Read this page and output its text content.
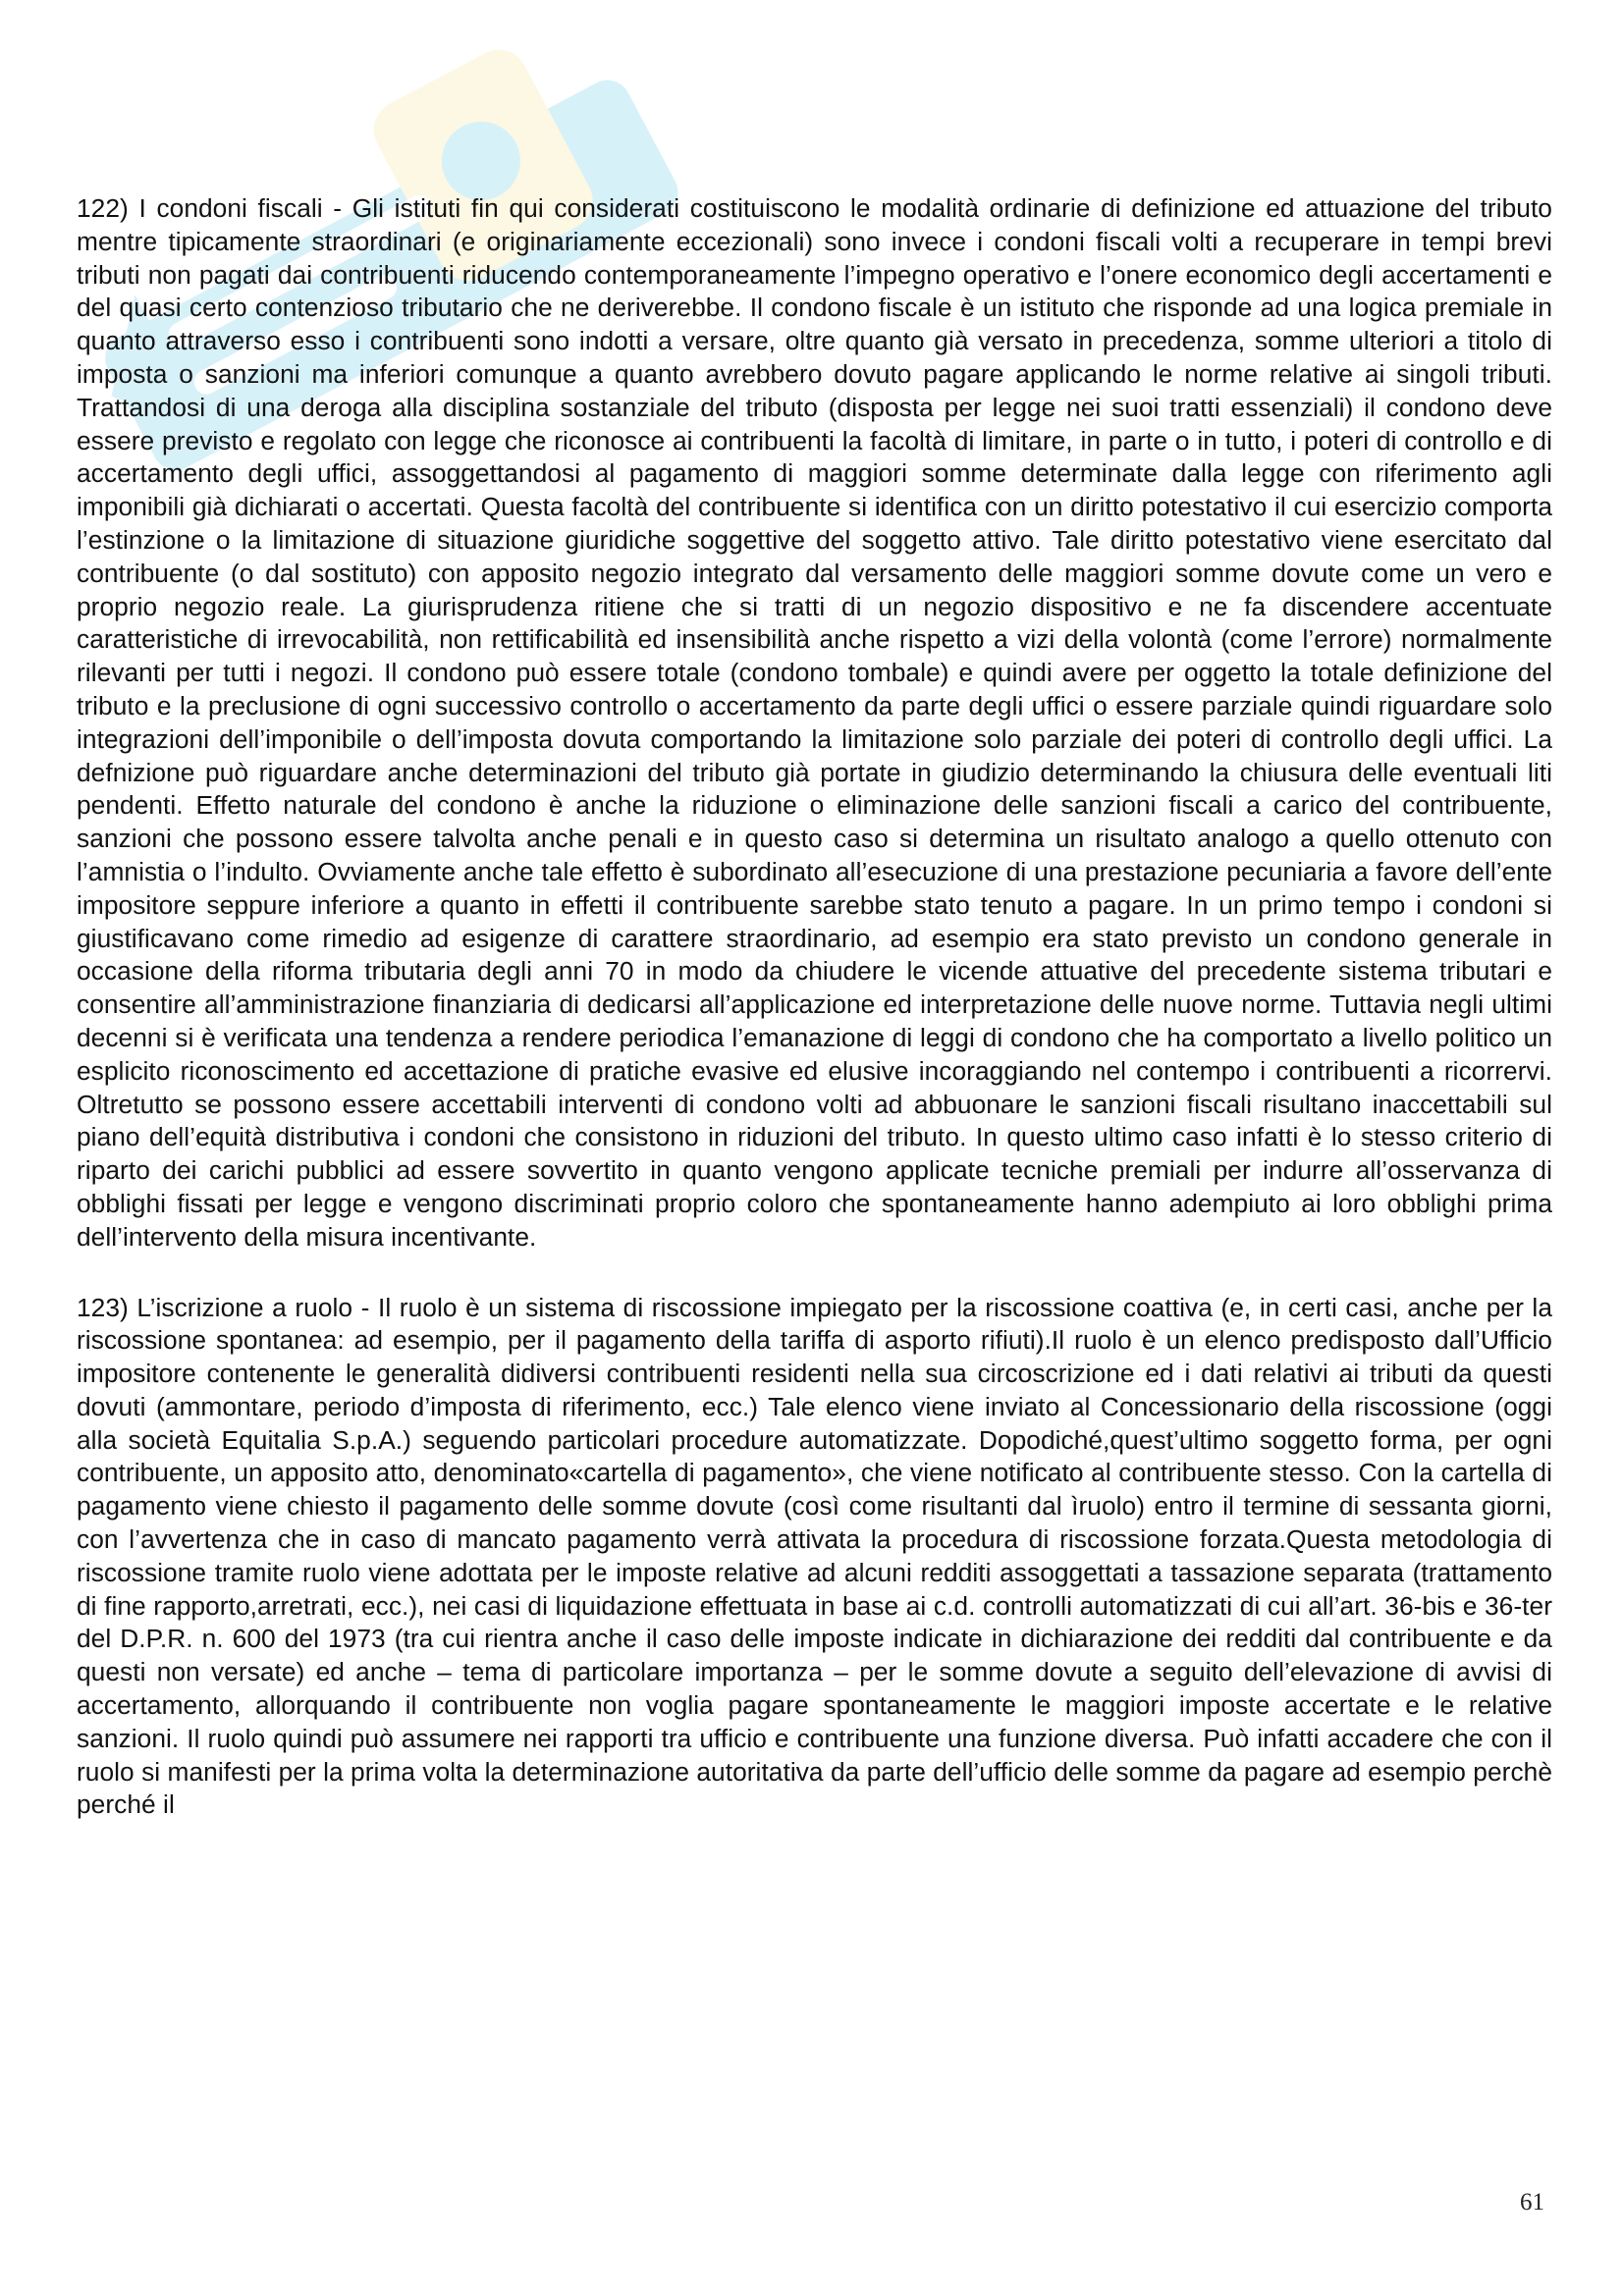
122) I condoni fiscali - Gli istituti fin qui considerati costituiscono le modalità ordinarie di definizione ed attuazione del tributo mentre tipicamente straordinari (e originariamente eccezionali) sono invece i condoni fiscali volti a recuperare in tempi brevi tributi non pagati dai contribuenti riducendo contemporaneamente l’impegno operativo e l’onere economico degli accertamenti e del quasi certo contenzioso tributario che ne deriverebbe. Il condono fiscale è un istituto che risponde ad una logica premiale in quanto attraverso esso i contribuenti sono indotti a versare, oltre quanto già versato in precedenza, somme ulteriori a titolo di imposta o sanzioni ma inferiori comunque a quanto avrebbero dovuto pagare applicando le norme relative ai singoli tributi. Trattandosi di una deroga alla disciplina sostanziale del tributo (disposta per legge nei suoi tratti essenziali) il condono deve essere previsto e regolato con legge che riconosce ai contribuenti la facoltà di limitare, in parte o in tutto, i poteri di controllo e di accertamento degli uffici, assoggettandosi al pagamento di maggiori somme determinate dalla legge con riferimento agli imponibili già dichiarati o accertati. Questa facoltà del contribuente si identifica con un diritto potestativo il cui esercizio comporta l’estinzione o la limitazione di situazione giuridiche soggettive del soggetto attivo. Tale diritto potestativo viene esercitato dal contribuente (o dal sostituto) con apposito negozio integrato dal versamento delle maggiori somme dovute come un vero e proprio negozio reale. La giurisprudenza ritiene che si tratti di un negozio dispositivo e ne fa discendere accentuate caratteristiche di irrevocabilità, non rettificabilità ed insensibilità anche rispetto a vizi della volontà (come l’errore) normalmente rilevanti per tutti i negozi. Il condono può essere totale (condono tombale) e quindi avere per oggetto la totale definizione del tributo e la preclusione di ogni successivo controllo o accertamento da parte degli uffici o essere parziale quindi riguardare solo integrazioni dell’imponibile o dell’imposta dovuta comportando la limitazione solo parziale dei poteri di controllo degli uffici. La defnizione può riguardare anche determinazioni del tributo già portate in giudizio determinando la chiusura delle eventuali liti pendenti. Effetto naturale del condono è anche la riduzione o eliminazione delle sanzioni fiscali a carico del contribuente, sanzioni che possono essere talvolta anche penali e in questo caso si determina un risultato analogo a quello ottenuto con l’amnistia o l’indulto. Ovviamente anche tale effetto è subordinato all’esecuzione di una prestazione pecuniaria a favore dell’ente impositore seppure inferiore a quanto in effetti il contribuente sarebbe stato tenuto a pagare. In un primo tempo i condoni si giustificavano come rimedio ad esigenze di carattere straordinario, ad esempio era stato previsto un condono generale in occasione della riforma tributaria degli anni 70 in modo da chiudere le vicende attuative del precedente sistema tributari e consentire all’amministrazione finanziaria di dedicarsi all’applicazione ed interpretazione delle nuove norme. Tuttavia negli ultimi decenni si è verificata una tendenza a rendere periodica l’emanazione di leggi di condono che ha comportato a livello politico un esplicito riconoscimento ed accettazione di pratiche evasive ed elusive incoraggiando nel contempo i contribuenti a ricorrervi. Oltretutto se possono essere accettabili interventi di condono volti ad abbuonare le sanzioni fiscali risultano inaccettabili sul piano dell’equità distributiva i condoni che consistono in riduzioni del tributo. In questo ultimo caso infatti è lo stesso criterio di riparto dei carichi pubblici ad essere sovvertito in quanto vengono applicate tecniche premiali per indurre all’osservanza di obblighi fissati per legge e vengono discriminati proprio coloro che spontaneamente hanno adempiuto ai loro obblighi prima dell’intervento della misura incentivante.

123) L’iscrizione a ruolo - Il ruolo è un sistema di riscossione impiegato per la riscossione coattiva (e, in certi casi, anche per la riscossione spontanea: ad esempio, per il pagamento della tariffa di asporto rifiuti).Il ruolo è un elenco predisposto dall’Ufficio impositore contenente le generalità didiversi contribuenti residenti nella sua circoscrizione ed i dati relativi ai tributi da questi dovuti (ammontare, periodo d’imposta di riferimento, ecc.) Tale elenco viene inviato al Concessionario della riscossione (oggi alla società Equitalia S.p.A.) seguendo particolari procedure automatizzate. Dopodiché,quest’ultimo soggetto forma, per ogni contribuente, un apposito atto, denominato«cartella di pagamento», che viene notificato al contribuente stesso. Con la cartella di pagamento viene chiesto il pagamento delle somme dovute (così come risultanti dal ìruolo) entro il termine di sessanta giorni, con l’avvertenza che in caso di mancato pagamento verrà attivata la procedura di riscossione forzata.Questa metodologia di riscossione tramite ruolo viene adottata per le imposte relative ad alcuni redditi assoggettati a tassazione separata (trattamento di fine rapporto,arretrati, ecc.), nei casi di liquidazione effettuata in base ai c.d. controlli automatizzati di cui all’art. 36-bis e 36-ter del D.P.R. n. 600 del 1973 (tra cui rientra anche il caso delle imposte indicate in dichiarazione dei redditi dal contribuente e da questi non versate) ed anche – tema di particolare importanza – per le somme dovute a seguito dell’elevazione di avvisi di accertamento, allorquando il contribuente non voglia pagare spontaneamente le maggiori imposte accertate e le relative sanzioni. Il ruolo quindi può assumere nei rapporti tra ufficio e contribuente una funzione diversa. Può infatti accadere che con il ruolo si manifesti per la prima volta la determinazione autoritativa da parte dell’ufficio delle somme da pagare ad esempio perchè perché il

61
